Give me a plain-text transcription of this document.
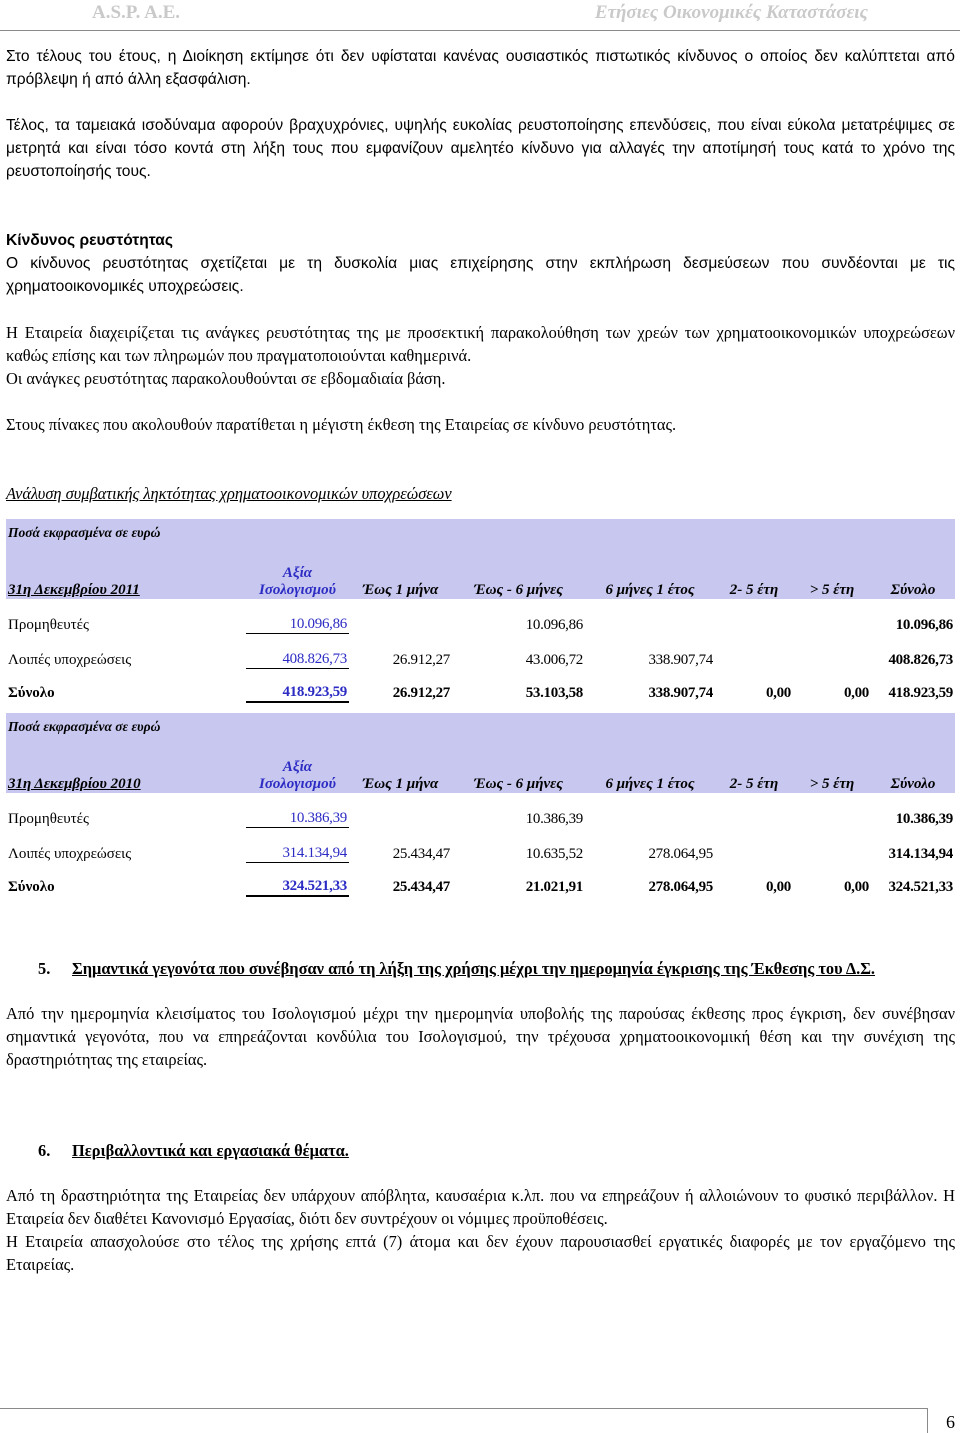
A.S.P. A.E.	Ετήσιες Οικονομικές Καταστάσεις

Στο τέλους του έτους, η Διοίκηση εκτίμησε ότι δεν υφίσταται κανένας ουσιαστικός πιστωτικός κίνδυνος ο οποίος δεν καλύπτεται από πρόβλεψη ή από άλλη εξασφάλιση.

Τέλος, τα ταμειακά ισοδύναμα αφορούν βραχυχρόνιες, υψηλής ευκολίας ρευστοποίησης επενδύσεις, που είναι εύκολα μετατρέψιμες σε μετρητά και είναι τόσο κοντά στη λήξη τους που εμφανίζουν αμελητέο κίνδυνο για αλλαγές την αποτίμησή τους κατά το χρόνο της ρευστοποίησής τους.

Κίνδυνος ρευστότητας

Ο κίνδυνος ρευστότητας σχετίζεται με τη δυσκολία μιας επιχείρησης στην εκπλήρωση δεσμεύσεων που συνδέονται με τις χρηματοοικονομικές υποχρεώσεις.

Η Εταιρεία διαχειρίζεται τις ανάγκες ρευστότητας της με προσεκτική παρακολούθηση των χρεών των χρηματοοικονομικών υποχρεώσεων καθώς επίσης και των πληρωμών που πραγματοποιούνται καθημερινά.

Οι ανάγκες ρευστότητας παρακολουθούνται σε εβδομαδιαία βάση.

Στους πίνακες που ακολουθούν παρατίθεται η μέγιστη έκθεση της Εταιρείας σε κίνδυνο ρευστότητας.

Ανάλυση συμβατικής ληκτότητας χρηματοοικονομικών υποχρεώσεων

Ποσά εκφρασμένα σε ευρώ							
31η Δεκεμβρίου 2011	Αξία
Ισολογισμού	Έως 1 μήνα	Έως - 6 μήνες	6 μήνες 1 έτος	2- 5 έτη	> 5 έτη	Σύνολο
Προμηθευτές	10.096,86		10.096,86				10.096,86
Λοιπές υποχρεώσεις	408.826,73	26.912,27	43.006,72	338.907,74			408.826,73
Σύνολο	418.923,59	26.912,27	53.103,58	338.907,74	0,00	0,00	418.923,59
Ποσά εκφρασμένα σε ευρώ							
31η Δεκεμβρίου 2010	Αξία
Ισολογισμού	Έως 1 μήνα	Έως - 6 μήνες	6 μήνες 1 έτος	2- 5 έτη	> 5 έτη	Σύνολο
Προμηθευτές	10.386,39		10.386,39				10.386,39
Λοιπές υποχρεώσεις	314.134,94	25.434,47	10.635,52	278.064,95			314.134,94
Σύνολο	324.521,33	25.434,47	21.021,91	278.064,95	0,00	0,00	324.521,33
5.	Σημαντικά γεγονότα που συνέβησαν από τη λήξη της χρήσης μέχρι την ημερομηνία έγκρισης της Έκθεσης του Δ.Σ.

Από την ημερομηνία κλεισίματος του Ισολογισμού μέχρι την ημερομηνία υποβολής της παρούσας έκθεσης προς έγκριση, δεν συνέβησαν σημαντικά γεγονότα, που να επηρεάζονται κονδύλια του Ισολογισμού, την τρέχουσα χρηματοοικονομική θέση και την συνέχιση της δραστηριότητας της εταιρείας.

6.	Περιβαλλοντικά και εργασιακά θέματα.

Από τη δραστηριότητα της Εταιρείας δεν υπάρχουν απόβλητα, καυσαέρια κ.λπ. που να επηρεάζουν ή αλλοιώνουν το φυσικό περιβάλλον. Η Εταιρεία δεν διαθέτει Κανονισμό Εργασίας, διότι δεν συντρέχουν οι νόμιμες προϋποθέσεις.

Η Εταιρεία απασχολούσε στο τέλος της χρήσης επτά (7) άτομα και δεν έχουν παρουσιασθεί εργατικές διαφορές με τον εργαζόμενο της Εταιρείας.

6
